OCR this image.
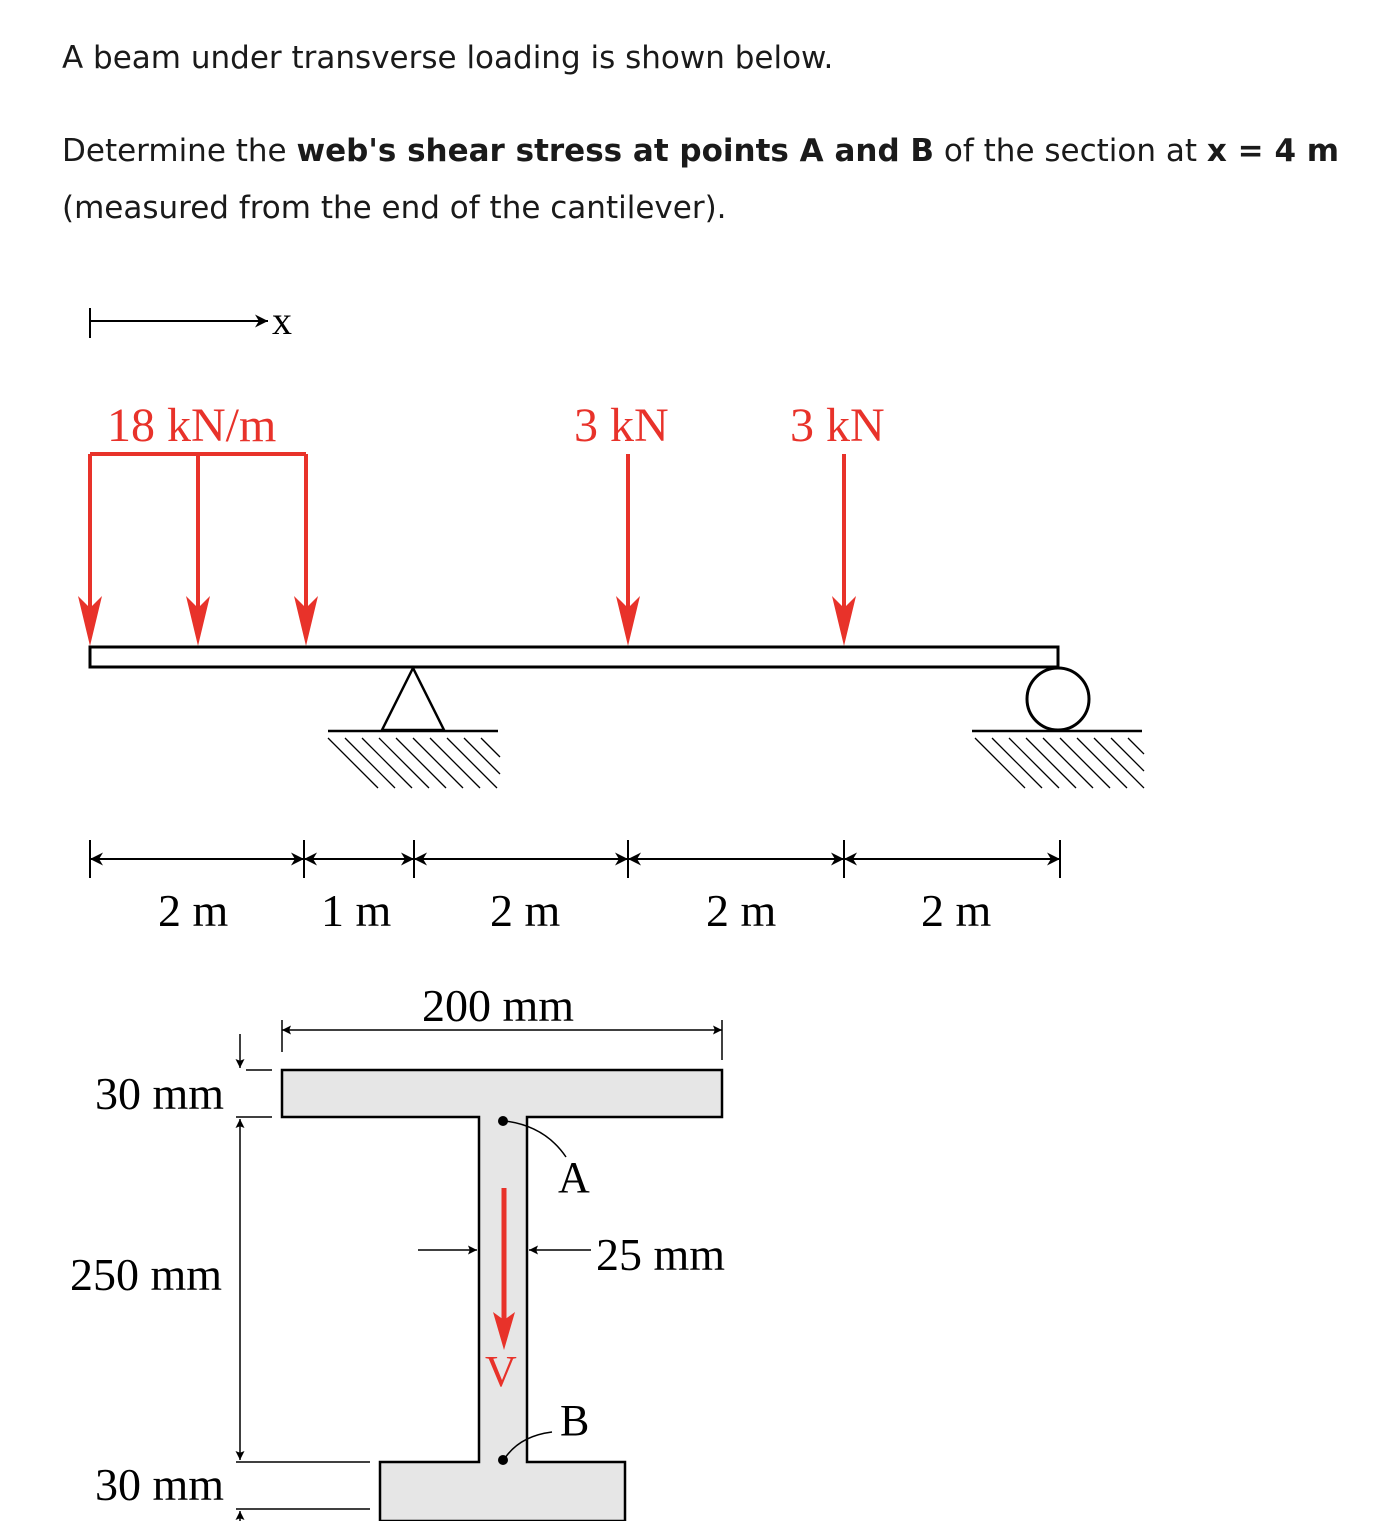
A beam under transverse loading is shown below.

Determine the web's shear stress at points A and B of the section at x = 4 m (measured from the end of the cantilever).

x
18 kN/m	3 kN	3 kN
2 m 1 m 2 m	2 m	2 m
200 mm
30 mm
250 mm
30 mm
25 mm
A
B
V
